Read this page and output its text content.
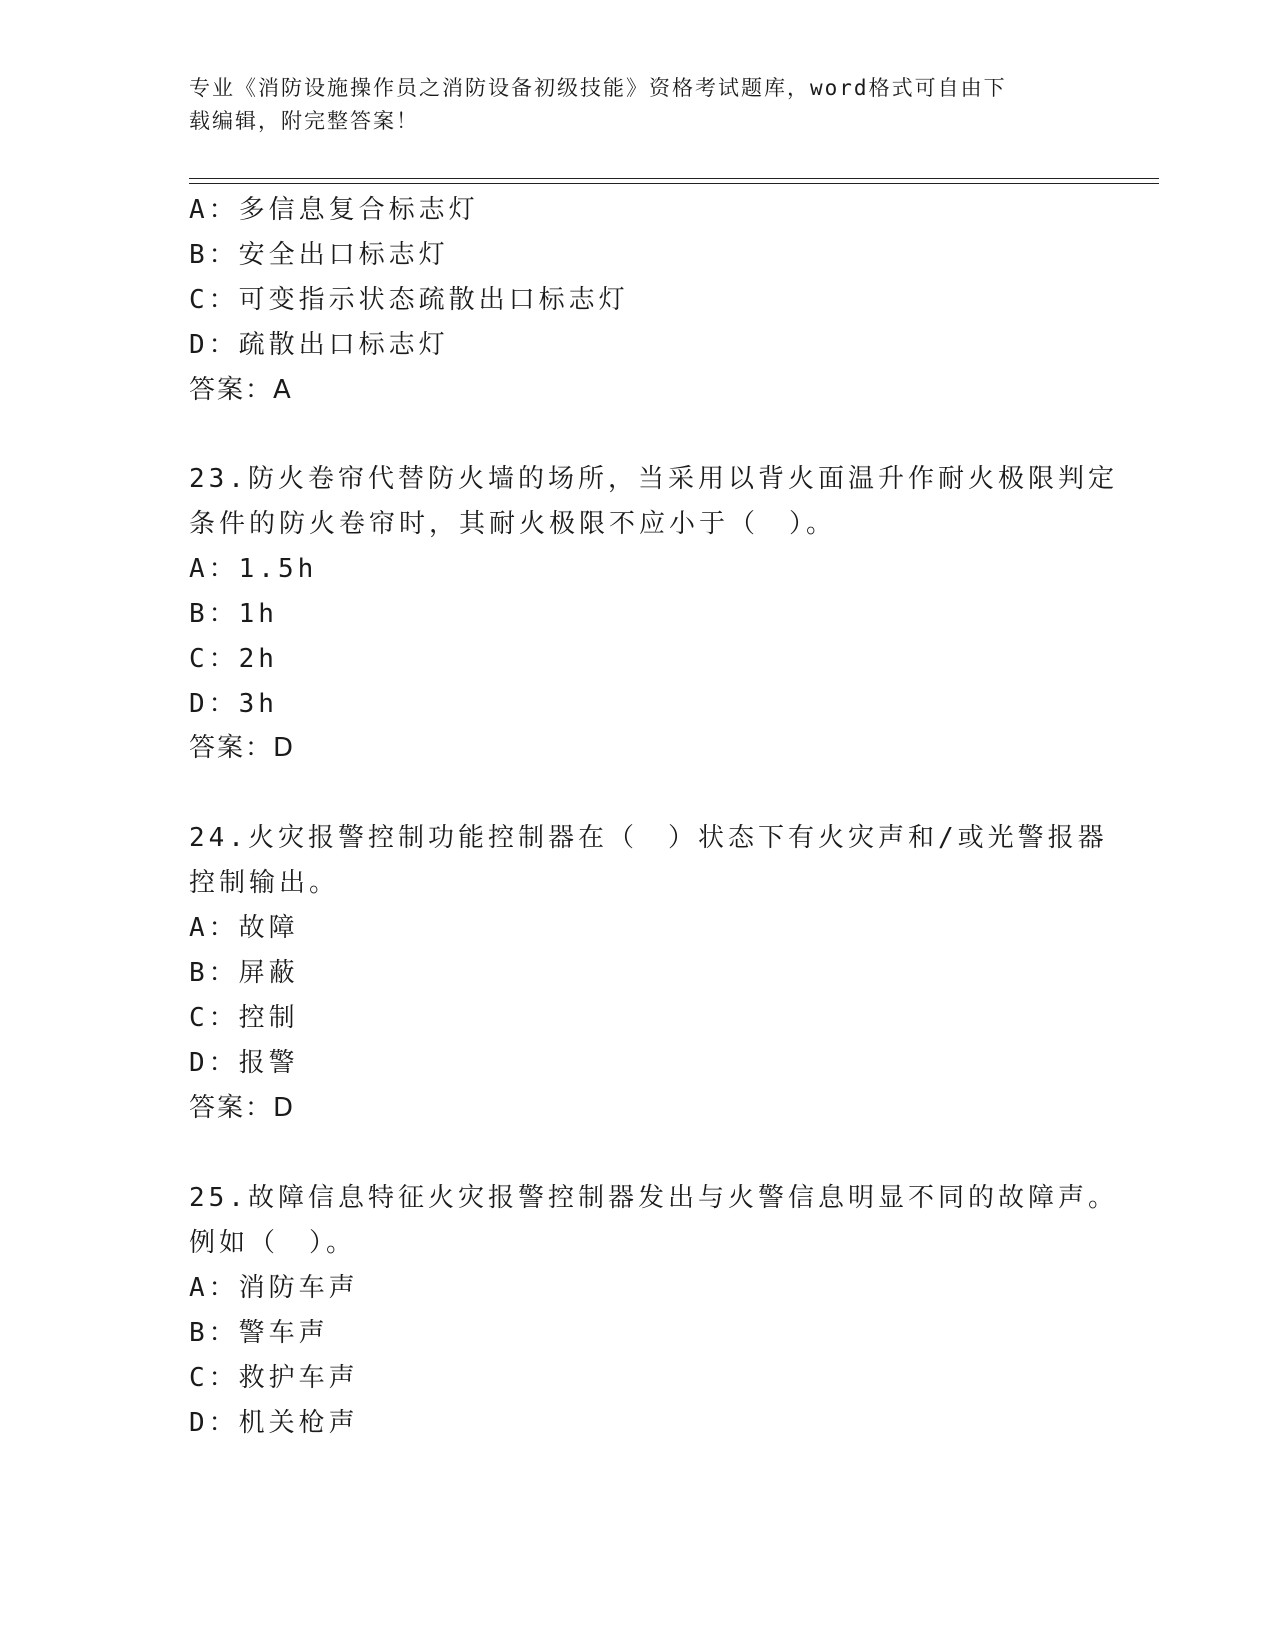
专业《消防设施操作员之消防设备初级技能》资格考试题库，word格式可自由下
载编辑，附完整答案！
A：多信息复合标志灯
B：安全出口标志灯
C：可变指示状态疏散出口标志灯
D：疏散出口标志灯
答案：A
23.防火卷帘代替防火墙的场所，当采用以背火面温升作耐火极限判定
条件的防火卷帘时，其耐火极限不应小于（　）。
A：1.5h
B：1h
C：2h
D：3h
答案：D
24.火灾报警控制功能控制器在（　）状态下有火灾声和/或光警报器
控制输出。
A：故障
B：屏蔽
C：控制
D：报警
答案：D
25.故障信息特征火灾报警控制器发出与火警信息明显不同的故障声。
例如（　）。
A：消防车声
B：警车声
C：救护车声
D：机关枪声
